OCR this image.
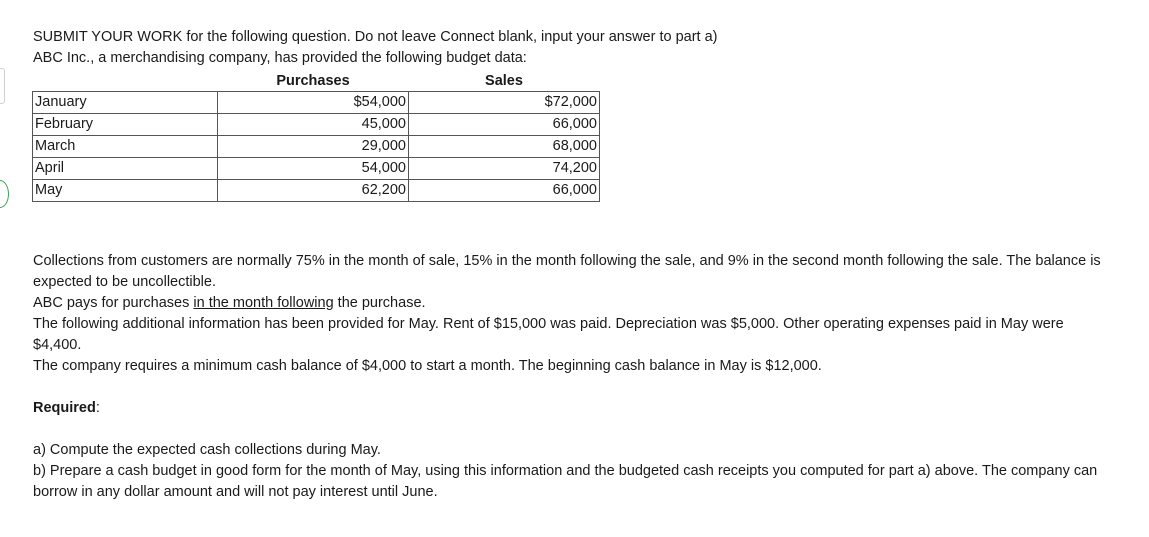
SUBMIT YOUR WORK for the following question. Do not leave Connect blank, input your answer to part a)
ABC Inc., a merchandising company, has provided the following budget data:
	Purchases	Sales
January	$54,000	$72,000
February	45,000	66,000
March	29,000	68,000
April	54,000	74,200
May	62,200	66,000

Collections from customers are normally 75% in the month of sale, 15% in the month following the sale, and 9% in the second month following the sale. The balance is expected to be uncollectible.

ABC pays for purchases in the month following the purchase.

The following additional information has been provided for May. Rent of $15,000 was paid. Depreciation was $5,000. Other operating expenses paid in May were $4,400.

The company requires a minimum cash balance of $4,000 to start a month. The beginning cash balance in May is $12,000.

Required:

a) Compute the expected cash collections during May.

b) Prepare a cash budget in good form for the month of May, using this information and the budgeted cash receipts you computed for part a) above. The company can borrow in any dollar amount and will not pay interest until June.
